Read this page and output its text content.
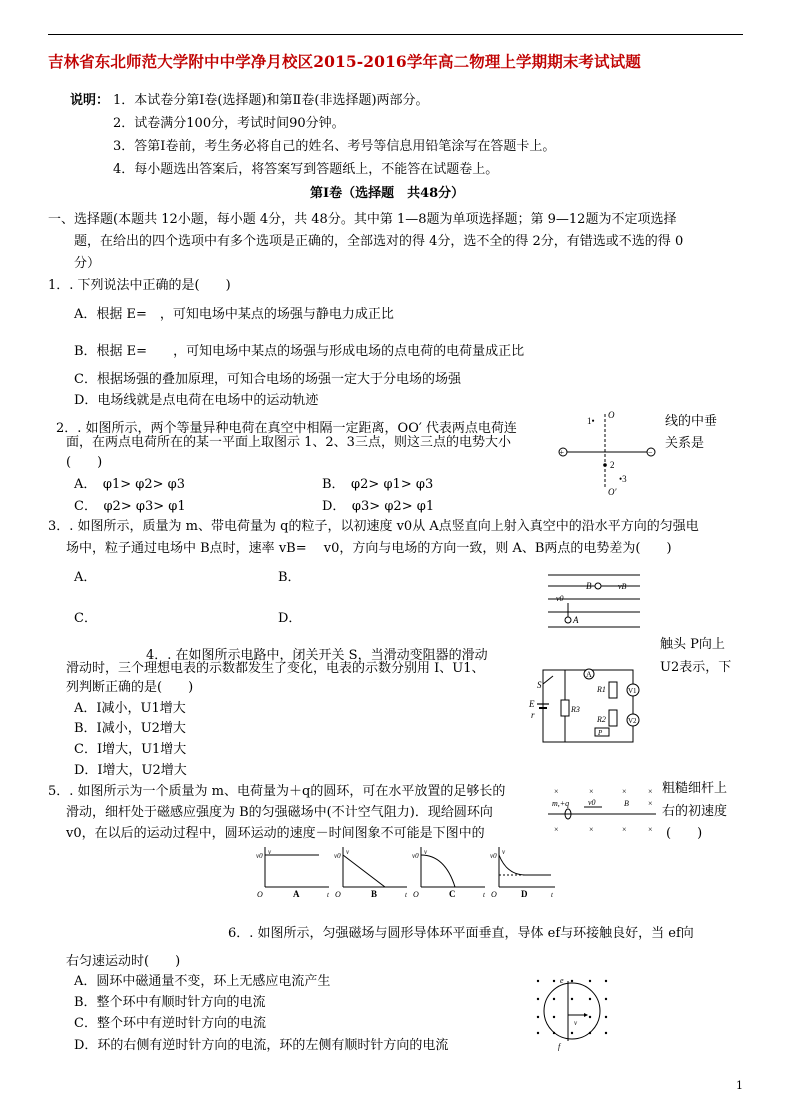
吉林省东北师范大学附中中学净月校区2015-2016学年高二物理上学期期末考试试题
说明： 1．本试卷分第Ⅰ卷(选择题)和第Ⅱ卷(非选择题)两部分。
2．试卷满分100分，考试时间90分钟。
3．答第Ⅰ卷前，考生务必将自己的姓名、考号等信息用铅笔涂写在答题卡上。
4．每小题选出答案后，将答案写到答题纸上，不能答在试题卷上。
第Ⅰ卷（选择题　共48分）
一、选择题(本题共 12小题，每小题 4分，共 48分。其中第 1—8题为单项选择题；第 9—12题为不定项选择
题，在给出的四个选项中有多个选项是正确的，全部选对的得 4分，选不全的得 2分，有错选或不选的得 0
分）
1．. 下列说法中正确的是(　　)
A．根据 E=　，可知电场中某点的场强与静电力成正比
B．根据 E=　　，可知电场中某点的场强与形成电场的点电荷的电荷量成正比
C．根据场强的叠加原理，可知合电场的场强一定大于分电场的场强
D．电场线就是点电荷在电场中的运动轨迹
2．. 如图所示，两个等量异种电荷在真空中相隔一定距离，OO′ 代表两点电荷连	线的中垂
关系是
面，在两点电荷所在的某一平面上取图示 1、2、3三点，则这三点的电势大小
(　　)
A．　φ1> φ2> φ3	B．　φ2> φ1> φ3
C．　φ2> φ3> φ1	D．　φ3> φ2> φ1
+	−
O
O′
1•
2
•3
3．. 如图所示，质量为 m、带电荷量为 q的粒子，以初速度 v0从 A点竖直向上射入真空中的沿水平方向的匀强电
场中，粒子通过电场中 B点时，速率 vB=　 v0，方向与电场的方向一致，则 A、B两点的电势差为(　　)
A．	B．
C．	D．
B	vB
v0
A
4．. 在如图所示电路中，闭关开关 S，当滑动变阻器的滑动
触头 P向上
滑动时，三个理想电表的示数都发生了变化，电表的示数分别用 I、U1、	U2表示，下
列判断正确的是(　　)
A．I减小，U1增大
B．I减小，U2增大
C．I增大，U1增大
D．I增大，U2增大
S
E
r
R3
A
R1
R2
P
V1
V2
5．. 如图所示为一个质量为 m、电荷量为＋q的圆环，可在水平放置的足够长的	粗糙细杆上
滑动，细杆处于磁感应强度为 B的匀强磁场中(不计空气阻力)．现给圆环向	右的初速度
v0，在以后的运动过程中，圆环运动的速度－时间图象不可能是下图中的	(　　)
×	×	×	×
m,+q v0	B ×
×	×	×	×
O
v
v0
t
A	O
v
v0
t
B	O
v
v0
t
C	O
v
v0
t
D
6．. 如图所示，匀强磁场与圆形导体环平面垂直，导体 ef与环接触良好，当 ef向
右匀速运动时(　　)
A．圆环中磁通量不变，环上无感应电流产生
B．整个环中有顺时针方向的电流
C．整个环中有逆时针方向的电流
D．环的右侧有逆时针方向的电流，环的左侧有顺时针方向的电流
e
f
v
1
